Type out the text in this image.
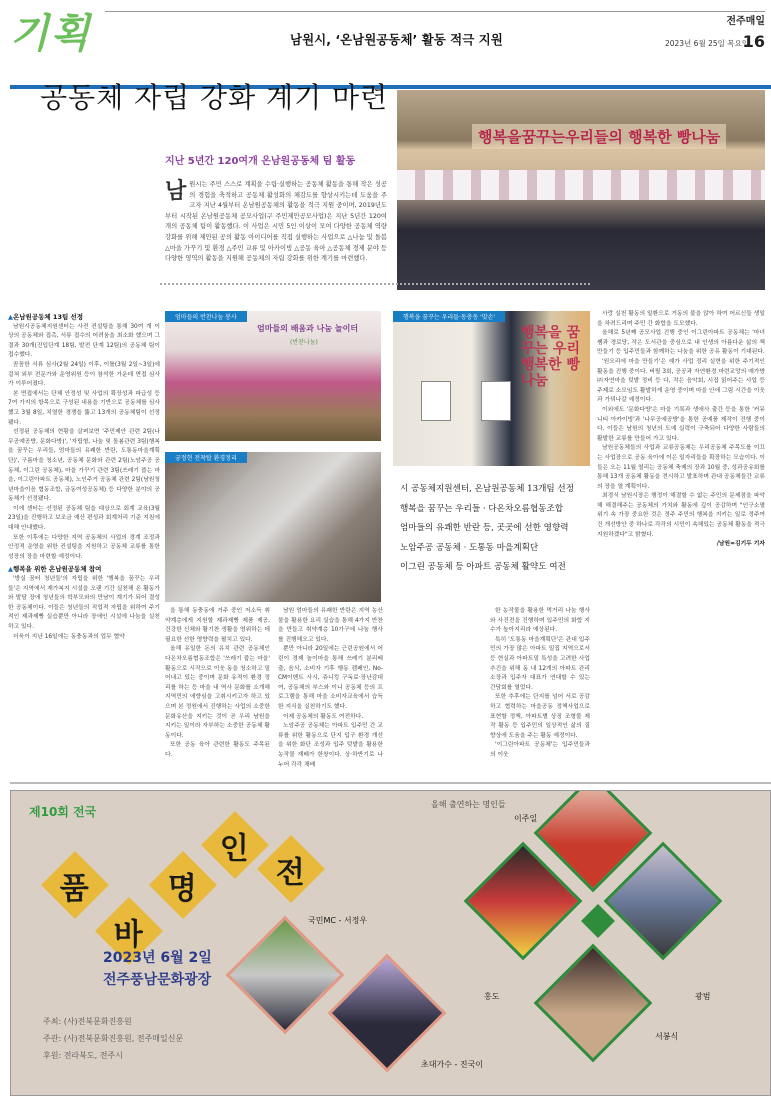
기획	남원시, ‘온남원공동체’ 활동 적극 지원
전주매일
2023년 6월 25일 목요일
16
공동체 자립 강화 계기 마련
행복을꿈꾸는우리들의 행복한 빵나눔
지난 5년간 120여개 온남원공동체 팀 활동
남원시는 주민 스스로 계획을 수립·실행하는 공동체 활동을 통해 작은 성공의 경험을 축적하고 공동체 활성화의 체감도를 향상시키는데 도움을 주고자 지난 4월부터 온남원공동체의 활동을 적극 지원 중이며, 2019년도부터 시작된 온남원공동체 공모사업(구 주민제안공모사업)은 지난 5년간 120여 개의 공동체 팀이 활동했다. 이 사업은 시민 5인 이상이 모여 다양한 공동체 역량강화를 위해 제안된 공의 활동 아이디어를 직접 실행하는 사업으로 △나눔 및 돌봄 △마을 가꾸기 및 환경 △주민 교류 및 아카이빙 △공동 육아 △공동체 경제 분야 등 다양한 영역의 활동을 지원해 공동체의 자립 강화를 위한 계기를 마련했다.
▲온남원공동체 13팀 선정

남원시공동체지원센터는 사전 컨설팅을 통해 30여 개 이상의 공동체와 접촉, 서류 접수의 어려움을 최소화 했으며 그 결과 30개(진입단계 18팀, 발전 단계 12팀)의 공동체 팀이 접수했다.

꼼꼼한 서류 심사(2월 24일) 이후, 이틀(3월 2일~3일)에 걸쳐 외부 전문가와 운영위원 등이 참석한 가운데 면접 심사가 이루어졌다.

본 면접에서는 단체 안정성 및 사업의 확장성과 파급성 등 7여 가지의 항목으로 구성된 내용을 기반으로 공동체를 심사했고 3월 8일, 치열한 경쟁을 뚫고 13개의 공동체팀이 선정됐다.

선정된 공동체의 현황을 살펴보면 '주민제안 관련 2팀(나무공예공방, 문화다방)', '자립형, 나눔 및 돌봄관련 3팀(행복을 꿈꾸는 우리들, 엄마들의 유쾌한 반란, 도통동마을계획단)', 구름마을 청소년, 공동체 문화와 관련 2팀(노암주공 공동체, 이그린 공동체), 마을 가꾸기 관련 3팀(쓰레기 줍는 마을, 이그린아파트 공동체), 노인주거 공동체 관련 2팀(남원청년마을이음 협동조합, 금동여성공동체) 등 다양한 분야의 공동체가 선정됐다.

이에 센터는 선정된 공동체 팀을 대상으로 회계 교육(3월 23일)을 진행하고 보조금 예산 편성과 회계처리 기준 지침에 대해 안내했다.

또한 이후에는 다양한 지역 공동체의 사업의 경계 조정과 안정적 운영을 위한 컨설팅을 지원하고 공동체 교류를 통한 성장의 장을 마련할 예정이다.

▲행복을 위한 온남원공동체 참여

'방실 꿈터 청년들'의 자립을 위한 '행복을 꿈꾸는 우리들'은 지역에서 재가복지 시설을 오랜 기간 실천해 온 활동가와 발달 장애 청년들의 학부모와의 만남이 계기가 되어 결성한 공동체이다. 이들은 청년들의 직업적 자립을 위하여 주기적인 제과제빵 실습뿐만 아니라 장애인 시설에 나눔을 실천하고 있다.

더욱이 지난 16일에는 동충동과의 업무 협약

엄마들의 반찬나눔 봉사
엄마들의 배움과 나눔 놀이터
(반찬나눔)
궁정현 전착탑 환경정리
행복을 꿈꾸는 우리들·동충동 '맞손'
행복을 꿈꾸는 우리 행복한 빵나눔
시 공동체지원센터, 온남원공동체 13개팀 선정
행복을 꿈꾸는 우리들 · 다온차오름협동조합
엄마들의 유쾌한 반란 등, 곳곳에 선한 영향력
노암주공 공동체 · 도통동 마을계획단
이그린 공동체 등 아파트 공동체 활약도 여전

을 통해 동충동에 거주 중인 저소득 취약계층에게 지원할 제과제빵 제품 제공, 건강한 신체와 활기찬 생활을 영위하는 데 필요한 선한 영향력을 펼치고 있다.

올해 유일한 돈의 유치 관련 공동체인 다온차오름협동조합은 '쓰레기 줍는 마을' 활동으로 시작으로 이웃 동을 청소하고 밀어내고 있는 중이며 문화 유적이 환경 정리를 하는 등 마을 내 역사 문화를 소개해 지역민의 애향심을 고취시키고자 하고 있으며 본 정원에서 진행하는 사업의 소중한 문화유산을 지키는 것이 곧 우리 남원을 지키는 일이라 자부하는 소중한 공동체 활동이다.

또한 공동 육아 관련한 활동도 주목된다.

남원 엄마들의 유쾌한 반란은 지역 농산물을 활용한 요리 실습을 통해 4가지 반찬을 만들고 취약계층 10가구에 나눔 행사를 진행해오고 있다.

뿐만 아니라 20일에는 근린공원에서 어린이 경제 놀이마을 통해 쓰레기 분리배출, 음식, 소비자 기후 행동 캠페인, No-CM이벤트 사시, 쥬니킹 구독료·장난감대여, 공동체의 부스와 이니 공동체 등의 프로그램을 통해 마을 소비자교육에서 습득한 지식을 실천하기도 했다.

이제 공동체의 활동도 여전하다.

노암주공 공동체는 아파트 입주민 간 교류를 위한 활동으로 단지 입구 환경 개선을 위한 화단 조성과 입주 텃밭을 활용한 농작물 재배가 한창이다. 상·하반기로 나누어 각각 채배

한 농작물을 활용한 먹거리 나눔 행사와 사진전을 진행하며 입주민의 화합 지수가 높아지리라 예상된다.

특히 '도통동 마을계획단'은 관내 입주민의 가장 많은 아파트 밀집 지역으로서 등 현실과 아파트밀 특성을 고려한 사업 추진을 위해 동 내 12개의 아파트 관리소장과 입주자 대표가 연대할 수 있는 간담회를 열었다.

또한 추후에는 단지를 넘어 서로 공감하고 협력하는 마을공동 정책사업으로 표현할 정책, 아파트별 상징 조형물 제작 활동 등 입주민의 일상적인 삶의 질 향상에 도움을 주는 활동 예정이다.

'이그린아파트 공동체'는 입주민들과의 이웃

사랑 실천 활동의 일환으로 거동의 불을 앉아 하여 어르신들 생일을 차려드리며 주민 간 화합을 도모했다.

올해로 5년째 공모사업 진행 중인 이그린아파트 공동체는 '마녀쌤과 경로당, 작은 도서관을 중심으로 내 인생의 아름다운 삶의 책 만들기 등 입주민들과 함께하는 나눔을 위한 공유 활동이 기대된다.

'원오리에 마을 만들기'은 예가 사업 정리 실현을 위한 주기적인 활동을 진행 중이다. 버릴 3회, 공공과 자연환경 마련교망의 예가방 ㈜자연마을 텃밭 정비 등 다, 작은 음악회, 시집 읽어주는 사업 등 주제로 소모임도 활발하게 운영 중이며 마을 안에 그림 시간을 이웃과 가꿔나갈 예정이다.

이외에도 '문화다방'은 마을 기록과 생애사 출간 등을 통한 '커뮤니티 아카이빙'과 '나무공예공방'을 통한 공예품 제작이 진행 중이다. 이들은 남원의 청년의 도예 실력이 구축되어 다양한 사람들의 활발한 교류를 만들어 가고 있다.

남원공동체들의 사업과 교류공동체는 우리공동체 주목도를 이끄는 사업장으로 공동 육아에 이은 일자리들을 확장하는 모습이다. 이들은 오는 11월 열리는 공동체 축제의 장과 10월 중, 성과공유회를 통해 13개 공동체 활동을 전시하고 발표하며 관내 공동체들간 교류의 장을 열 계획이다.

최경식 남원시장은 행정이 해결할 수 없는 주민의 문제점을 파악해 해결해주는 공동체의 가치와 활동에 깊이 공감하며 "인구소멸 위기 속 가장 중요한 것은 정주 주민의 행복을 지키는 일로 정주여건 개선방안 중 하나로 각각의 시민이 속해있는 공동체 활동을 적극 지원하겠다"고 밝혔다.

/남원=김기두 기자
제10회 전국
품
바
명
인
전
2023년 6월 2일
전주풍남문화광장
주최: (사)전북문화진흥원
주관: (사)전북문화진흥원, 전주매일신문
후원: 전라북도, 전주시
올해 출연하는 명인들
국민MC - 서정우
초대가수 - 진국이
이주일
홍도	광범
서봉식
